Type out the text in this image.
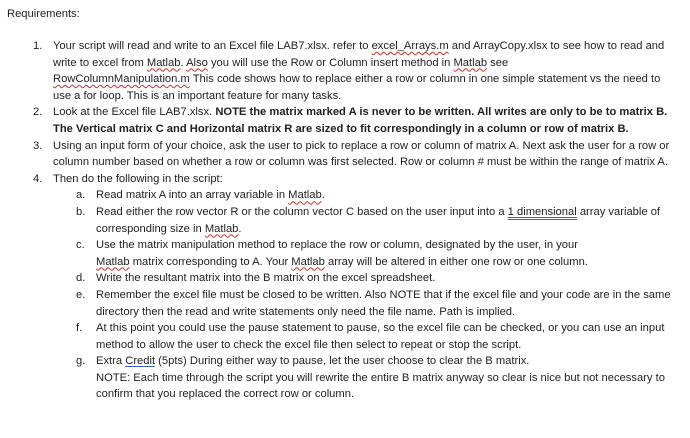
Requirements:

1. Your script will read and write to an Excel file LAB7.xlsx. refer to excel_Arrays.m and ArrayCopy.xlsx to see how to read and write to excel from Matlab. Also you will use the Row or Column insert method in Matlab see
RowColumnManipulation.m This code shows how to replace either a row or column in one simple statement vs the need to use a for loop. This is an important feature for many tasks.
2. Look at the Excel file LAB7.xlsx. NOTE the matrix marked A is never to be written. All writes are only to be to matrix B. The Vertical matrix C and Horizontal matrix R are sized to fit correspondingly in a column or row of matrix B.
3. Using an input form of your choice, ask the user to pick to replace a row or column of matrix A. Next ask the user for a row or column number based on whether a row or column was first selected. Row or column # must be within the range of matrix A.
4. Then do the following in the script:
a. Read matrix A into an array variable in Matlab.
b. Read either the row vector R or the column vector C based on the user input into a 1 dimensional array variable of corresponding size in Matlab.
c. Use the matrix manipulation method to replace the row or column, designated by the user, in your
Matlab matrix corresponding to A. Your Matlab array will be altered in either one row or one column.
d. Write the resultant matrix into the B matrix on the excel spreadsheet.
e. Remember the excel file must be closed to be written. Also NOTE that if the excel file and your code are in the same directory then the read and write statements only need the file name. Path is implied.
f. At this point you could use the pause statement to pause, so the excel file can be checked, or you can use an input method to allow the user to check the excel file then select to repeat or stop the script.
g. Extra Credit (5pts) During either way to pause, let the user choose to clear the B matrix.
NOTE: Each time through the script you will rewrite the entire B matrix anyway so clear is nice but not necessary to confirm that you replaced the correct row or column.
